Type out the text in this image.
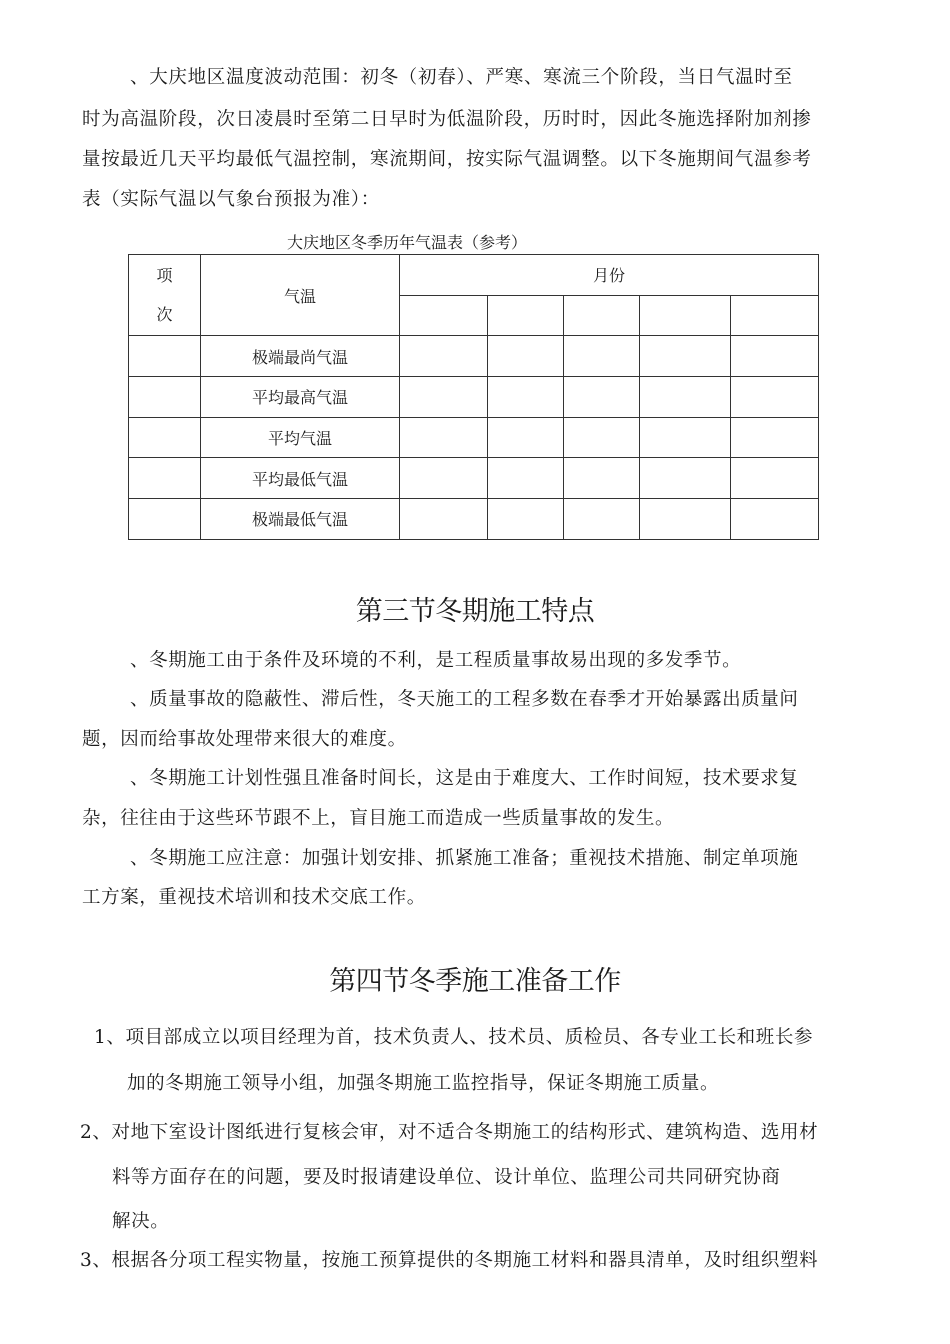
、大庆地区温度波动范围：初冬（初春）、严寒、寒流三个阶段，当日气温时至
时为高温阶段，次日凌晨时至第二日早时为低温阶段，历时时，因此冬施选择附加剂掺
量按最近几天平均最低气温控制，寒流期间，按实际气温调整。以下冬施期间气温参考
表（实际气温以气象台预报为准）：
大庆地区冬季历年气温表（参考）
项
次	气温	月份				

	极端最尚气温					
	平均最高气温					
	平均气温					
	平均最低气温					
	极端最低气温					
第三节冬期施工特点
、冬期施工由于条件及环境的不利，是工程质量事故易出现的多发季节。
、质量事故的隐蔽性、滞后性，冬天施工的工程多数在春季才开始暴露出质量问
题，因而给事故处理带来很大的难度。
、冬期施工计划性强且准备时间长，这是由于难度大、工作时间短，技术要求复
杂，往往由于这些环节跟不上，盲目施工而造成一些质量事故的发生。
、冬期施工应注意：加强计划安排、抓紧施工准备；重视技术措施、制定单项施
工方案，重视技术培训和技术交底工作。
第四节冬季施工准备工作
1、项目部成立以项目经理为首，技术负责人、技术员、质检员、各专业工长和班长参
加的冬期施工领导小组，加强冬期施工监控指导，保证冬期施工质量。
2、对地下室设计图纸进行复核会审，对不适合冬期施工的结构形式、建筑构造、选用材
料等方面存在的问题，要及时报请建设单位、设计单位、监理公司共同研究协商
解决。
3、根据各分项工程实物量，按施工预算提供的冬期施工材料和器具清单，及时组织塑料
